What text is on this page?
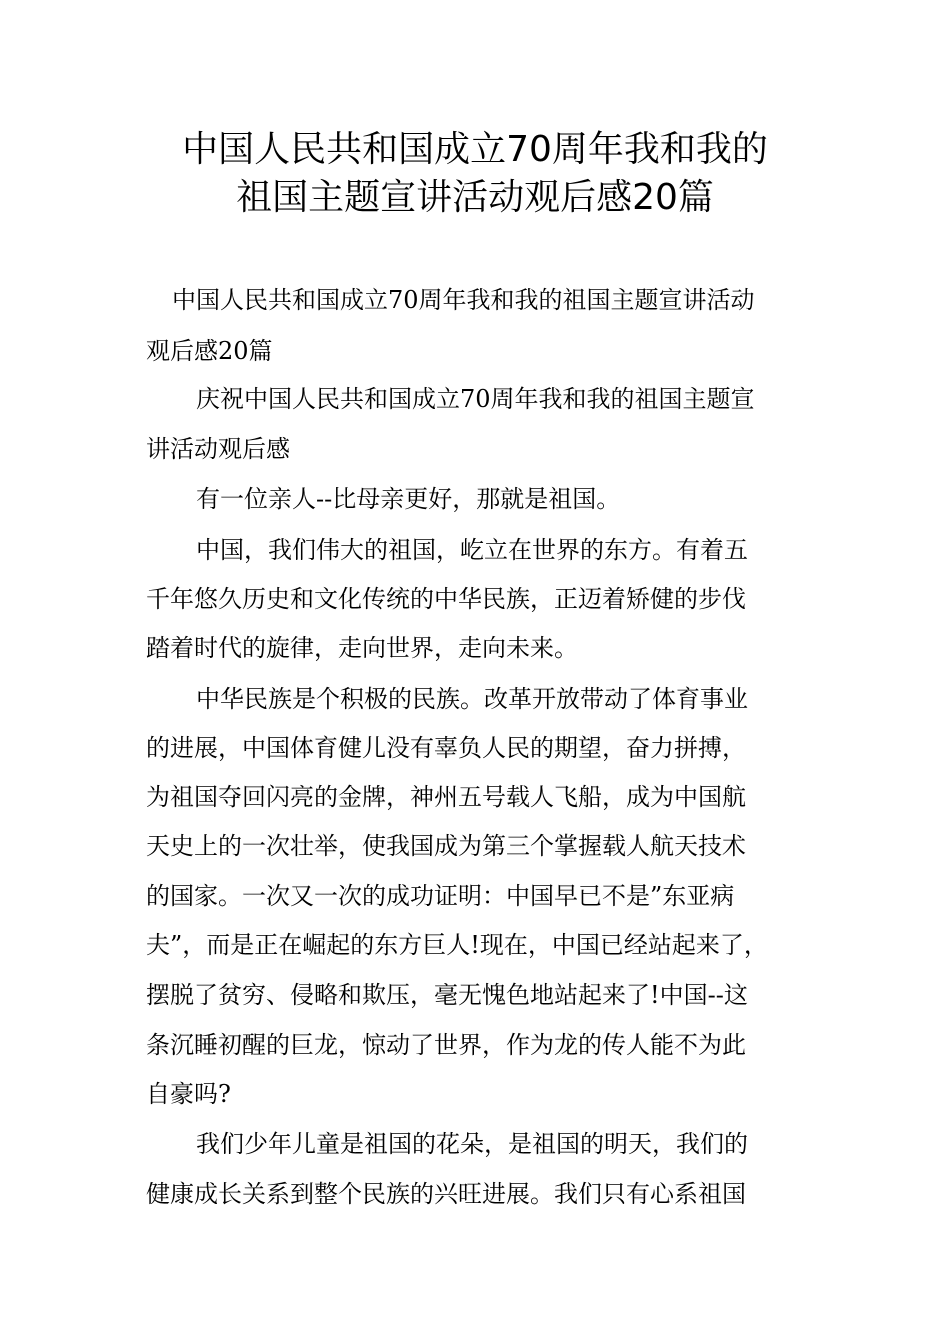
中国人民共和国成立70周年我和我的
祖国主题宣讲活动观后感20篇
中国人民共和国成立70周年我和我的祖国主题宣讲活动
观后感20篇
庆祝中国人民共和国成立70周年我和我的祖国主题宣
讲活动观后感
有一位亲人--比母亲更好，那就是祖国。
中国，我们伟大的祖国，屹立在世界的东方。有着五
千年悠久历史和文化传统的中华民族，正迈着矫健的步伐
踏着时代的旋律，走向世界，走向未来。
中华民族是个积极的民族。改革开放带动了体育事业
的进展，中国体育健儿没有辜负人民的期望，奋力拼搏，
为祖国夺回闪亮的金牌，神州五号载人飞船，成为中国航
天史上的一次壮举，使我国成为第三个掌握载人航天技术
的国家。一次又一次的成功证明：中国早已不是”东亚病
夫”，而是正在崛起的东方巨人!现在，中国已经站起来了，
摆脱了贫穷、侵略和欺压，毫无愧色地站起来了!中国--这
条沉睡初醒的巨龙，惊动了世界，作为龙的传人能不为此
自豪吗?
我们少年儿童是祖国的花朵，是祖国的明天，我们的
健康成长关系到整个民族的兴旺进展。我们只有心系祖国
